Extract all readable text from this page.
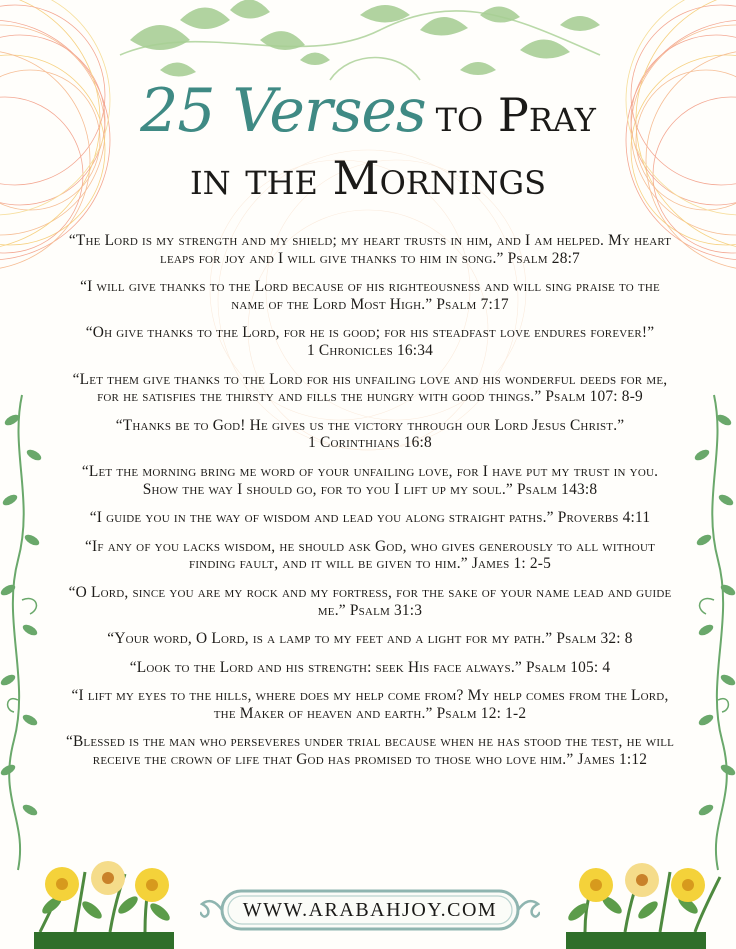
25 Verses to Pray
in the Mornings

“The Lord is my strength and my shield; my heart trusts in him, and I am helped. My heart leaps for joy and I will give thanks to him in song.” Psalm 28:7

“I will give thanks to the Lord because of his righteousness and will sing praise to the name of the Lord Most High.” Psalm 7:17

“Oh give thanks to the Lord, for he is good; for his steadfast love endures forever!” 1 Chronicles 16:34

“Let them give thanks to the Lord for his unfailing love and his wonderful deeds for me, for he satisfies the thirsty and fills the hungry with good things.” Psalm 107: 8-9

“Thanks be to God! He gives us the victory through our Lord Jesus Christ.” 1 Corinthians 16:8

“Let the morning bring me word of your unfailing love, for I have put my trust in you. Show the way I should go, for to you I lift up my soul.” Psalm 143:8

“I guide you in the way of wisdom and lead you along straight paths.” Proverbs 4:11

“If any of you lacks wisdom, he should ask God, who gives generously to all without finding fault, and it will be given to him.” James 1: 2-5

“O Lord, since you are my rock and my fortress, for the sake of your name lead and guide me.” Psalm 31:3

“Your word, O Lord, is a lamp to my feet and a light for my path.” Psalm 32: 8

“Look to the Lord and his strength: seek His face always.” Psalm 105: 4

“I lift my eyes to the hills, where does my help come from? My help comes from the Lord, the Maker of heaven and earth.” Psalm 12: 1-2

“Blessed is the man who perseveres under trial because when he has stood the test, he will receive the crown of life that God has promised to those who love him.” James 1:12

WWW.ARABAHJOY.COM
